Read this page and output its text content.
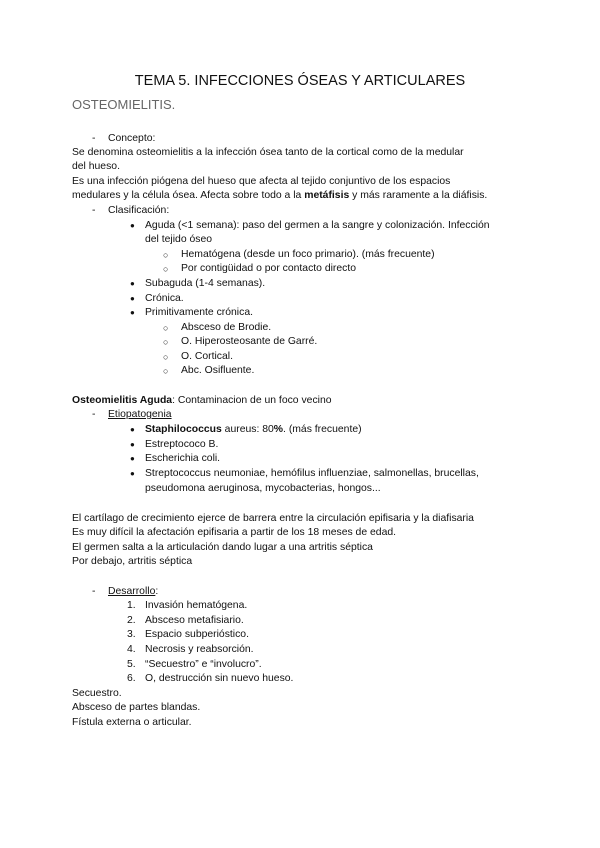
TEMA 5. INFECCIONES ÓSEAS Y ARTICULARES
OSTEOMIELITIS.
- Concepto:
Se denomina osteomielitis a la infección ósea tanto de la cortical como de la medular
del hueso.
Es una infección piógena del hueso que afecta al tejido conjuntivo de los espacios
medulares y la célula ósea. Afecta sobre todo a la metáfisis y más raramente a la diáfisis.
- Clasificación:
● Aguda (<1 semana): paso del germen a la sangre y colonización. Infección
del tejido óseo
○ Hematógena (desde un foco primario). (más frecuente)
○ Por contigüidad o por contacto directo
● Subaguda (1-4 semanas).
● Crónica.
● Primitivamente crónica.
○ Absceso de Brodie.
○ O. Hiperosteosante de Garré.
○ O. Cortical.
○ Abc. Osifluente.
Osteomielitis Aguda: Contaminacion de un foco vecino
- Etiopatogenia
● Staphilococcus aureus: 80%. (más frecuente)
● Estreptococo B.
● Escherichia coli.
● Streptococcus neumoniae, hemófilus influenziae, salmonellas, brucellas,
pseudomona aeruginosa, mycobacterias, hongos...
El cartílago de crecimiento ejerce de barrera entre la circulación epifisaria y la diafisaria
Es muy difícil la afectación epifisaria a partir de los 18 meses de edad.
El germen salta a la articulación dando lugar a una artritis séptica
Por debajo, artritis séptica
- Desarrollo:
1. Invasión hematógena.
2. Absceso metafisiario.
3. Espacio subperióstico.
4. Necrosis y reabsorción.
5. “Secuestro” e “involucro”.
6. O, destrucción sin nuevo hueso.
Secuestro.
Absceso de partes blandas.
Fístula externa o articular.
